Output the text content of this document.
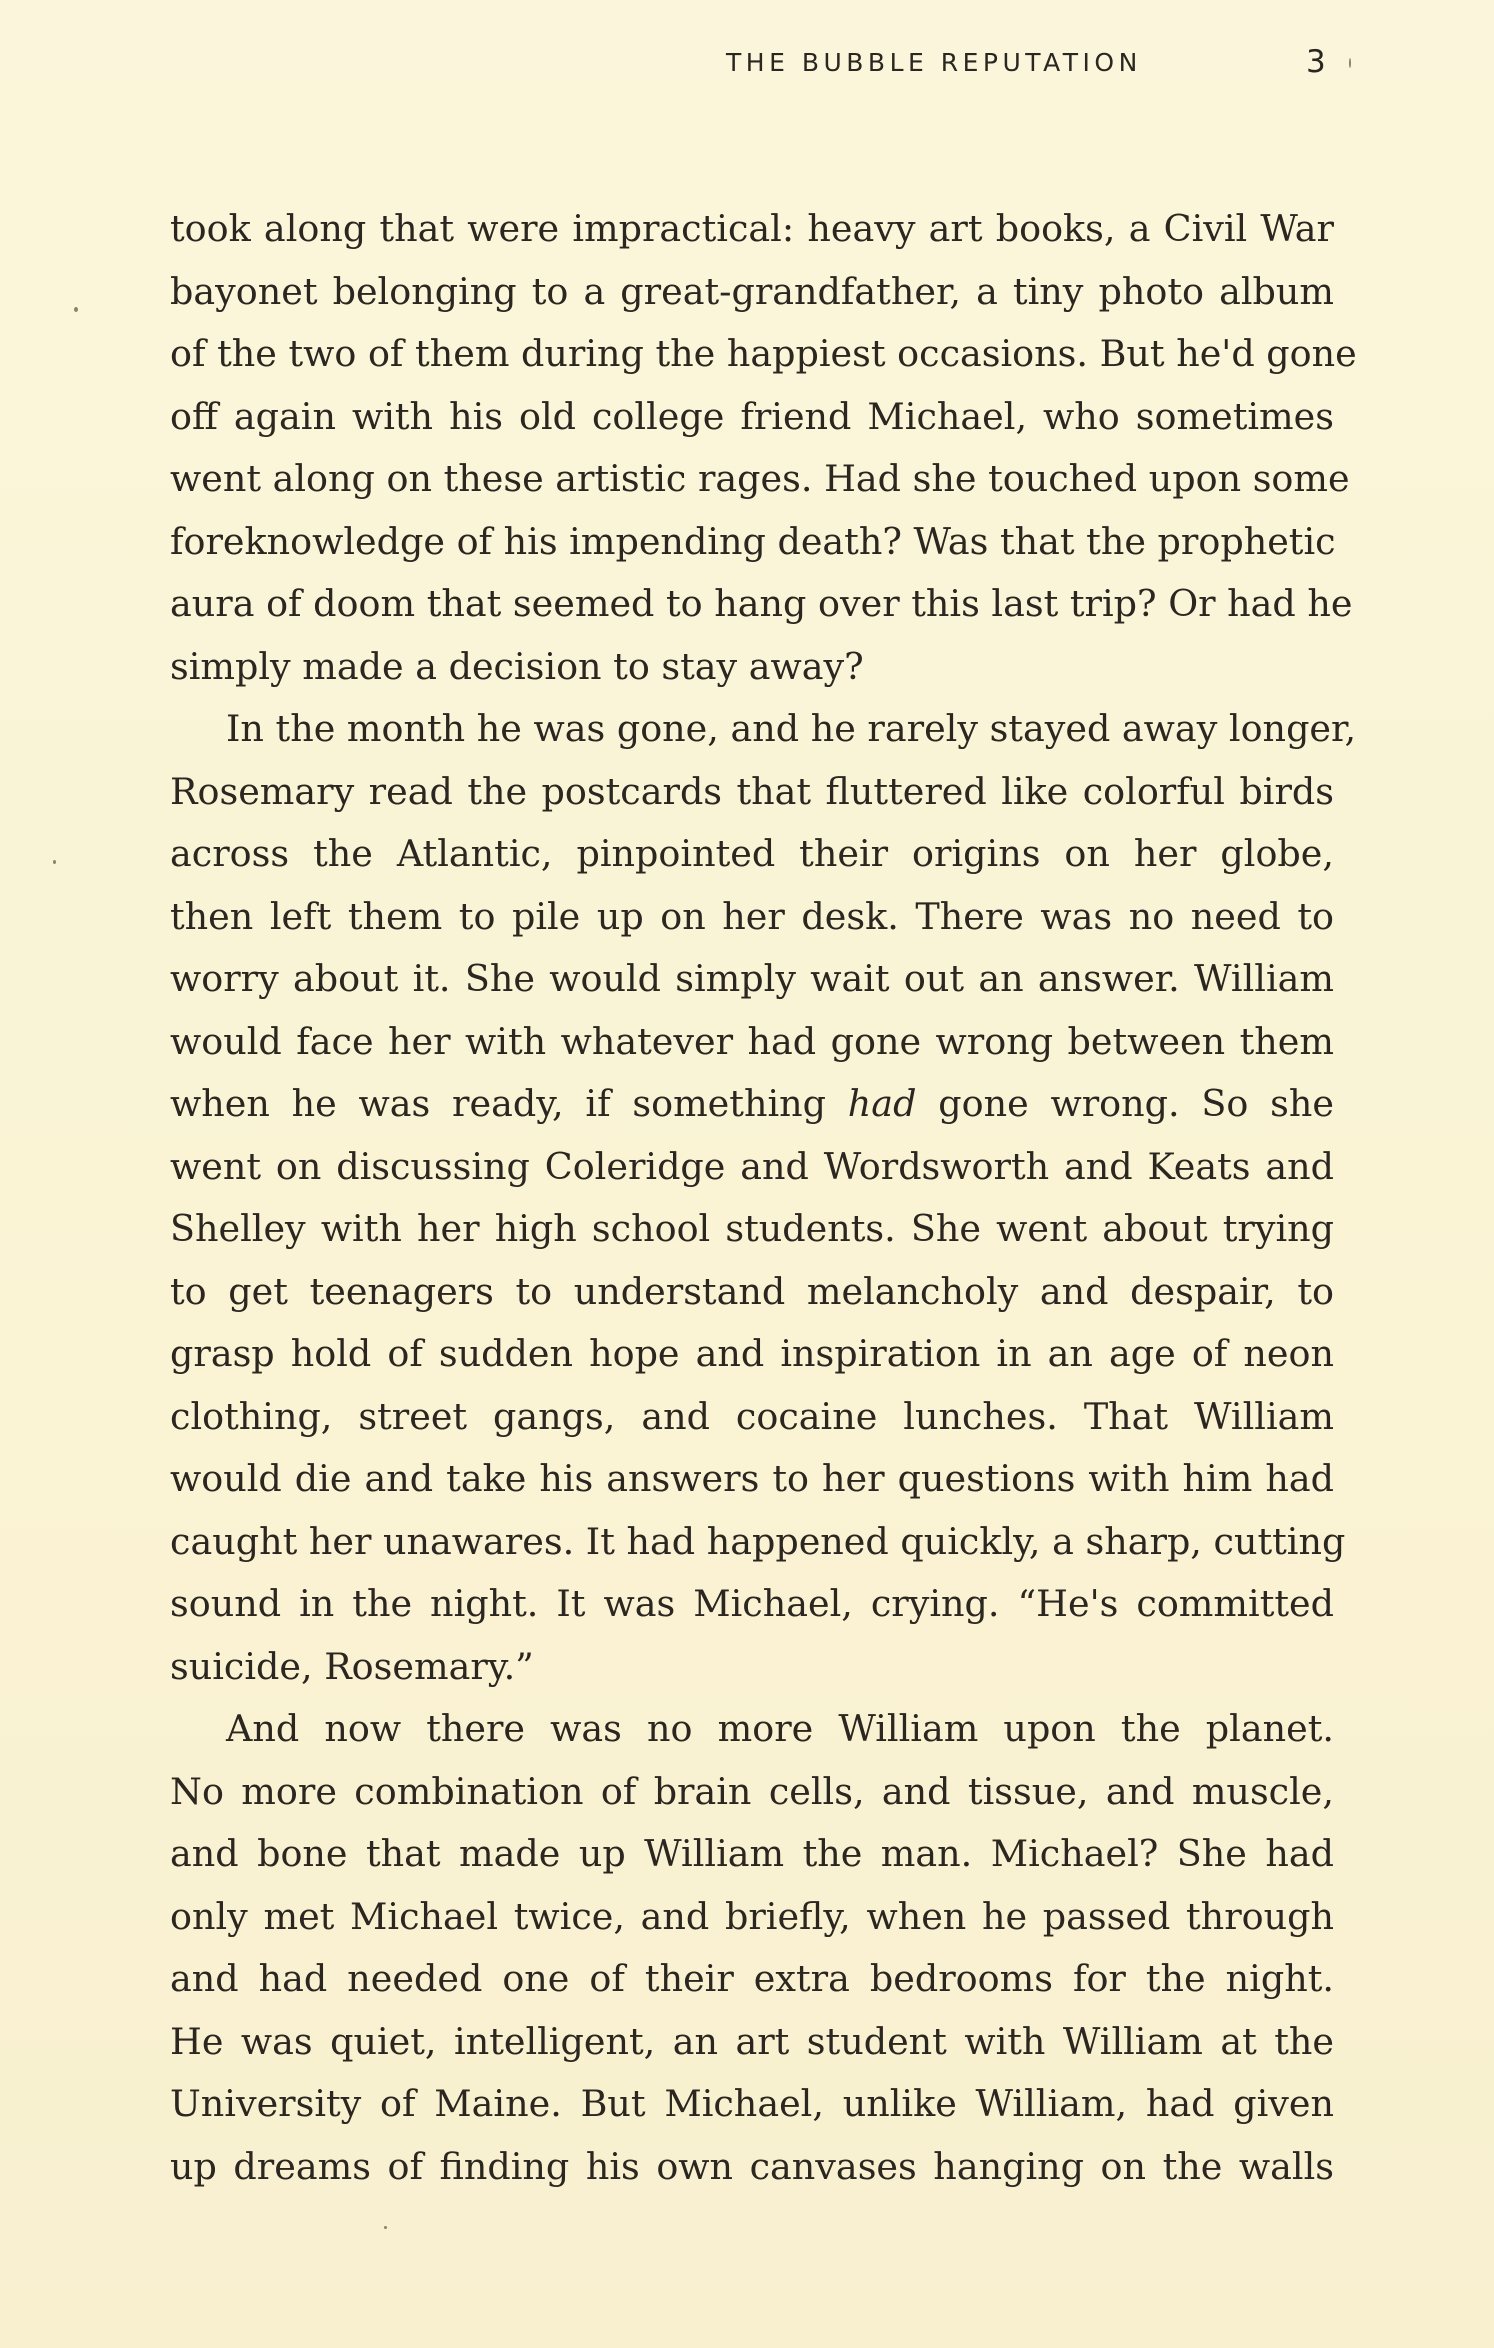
THE BUBBLE REPUTATION	3
took along that were impractical: heavy art books, a Civil War
bayonet belonging to a great-grandfather, a tiny photo album
of the two of them during the happiest occasions. But he'd gone
off again with his old college friend Michael, who sometimes
went along on these artistic rages. Had she touched upon some
foreknowledge of his impending death? Was that the prophetic
aura of doom that seemed to hang over this last trip? Or had he
simply made a decision to stay away?
In the month he was gone, and he rarely stayed away longer,
Rosemary read the postcards that fluttered like colorful birds
across the Atlantic, pinpointed their origins on her globe,
then left them to pile up on her desk. There was no need to
worry about it. She would simply wait out an answer. William
would face her with whatever had gone wrong between them
when he was ready, if something had gone wrong. So she
went on discussing Coleridge and Wordsworth and Keats and
Shelley with her high school students. She went about trying
to get teenagers to understand melancholy and despair, to
grasp hold of sudden hope and inspiration in an age of neon
clothing, street gangs, and cocaine lunches. That William
would die and take his answers to her questions with him had
caught her unawares. It had happened quickly, a sharp, cutting
sound in the night. It was Michael, crying. “He's committed
suicide, Rosemary.”
And now there was no more William upon the planet.
No more combination of brain cells, and tissue, and muscle,
and bone that made up William the man. Michael? She had
only met Michael twice, and briefly, when he passed through
and had needed one of their extra bedrooms for the night.
He was quiet, intelligent, an art student with William at the
University of Maine. But Michael, unlike William, had given
up dreams of finding his own canvases hanging on the walls
